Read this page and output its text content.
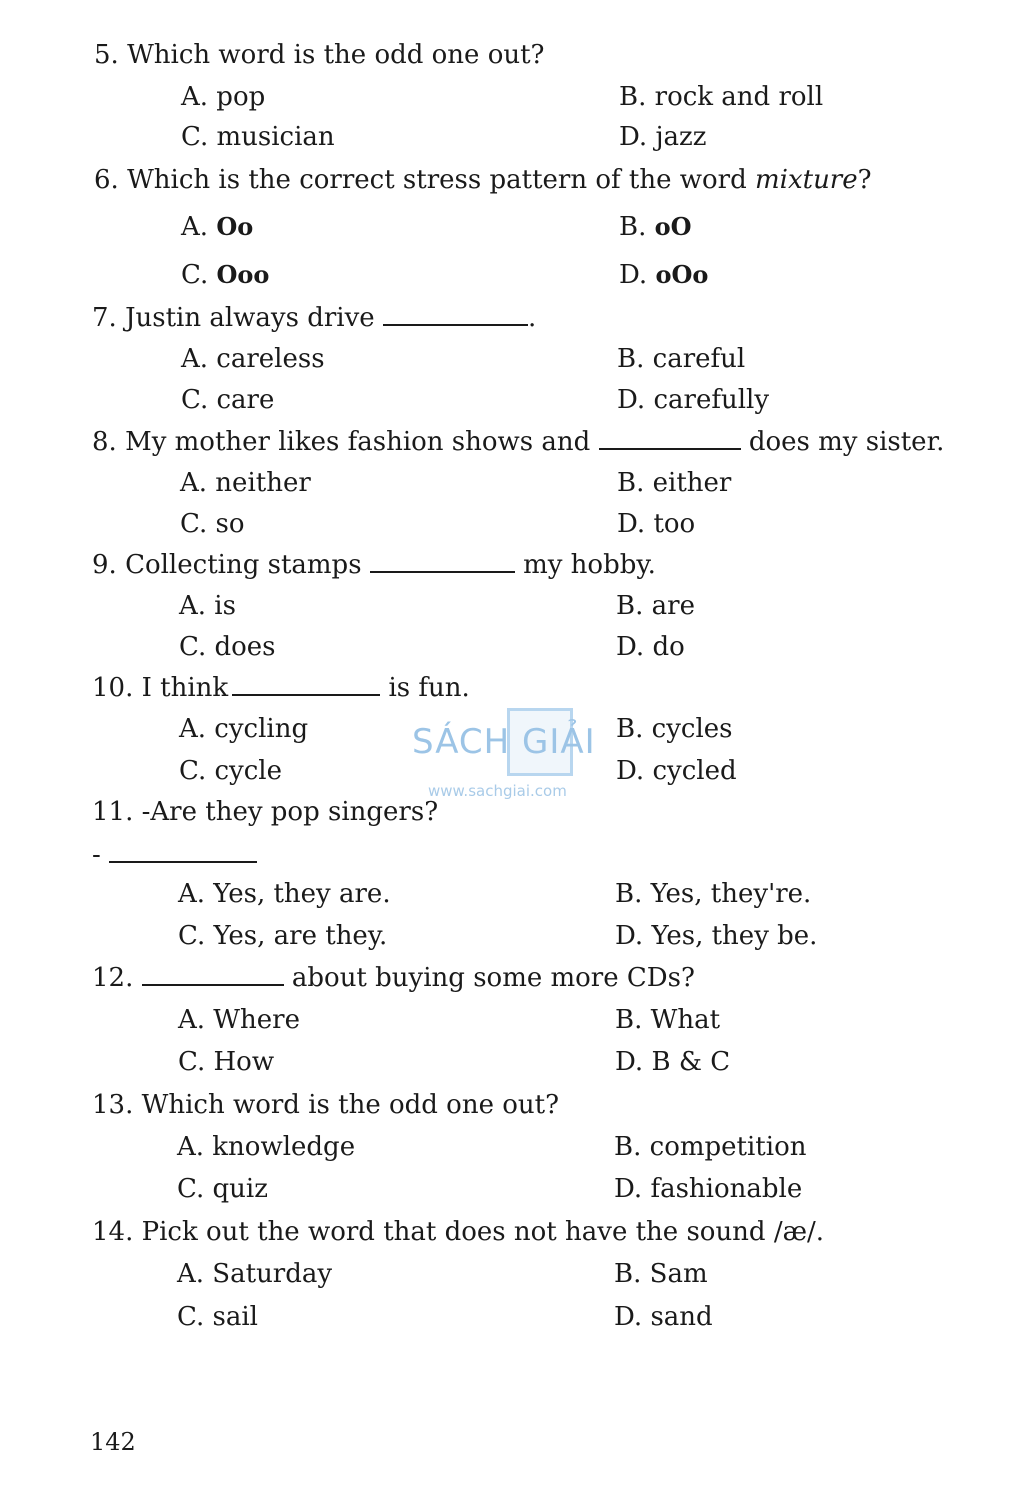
5. Which word is the odd one out?
A. pop	B. rock and roll
C. musician	D. jazz
6. Which is the correct stress pattern of the word mixture?
A. Oo	B. oO
C. Ooo	D. oOo
7. Justin always drive	.
A. careless	B. careful
C. care	D. carefully
8. My mother likes fashion shows and	does my sister.
A. neither	B. either
C. so	D. too
9. Collecting stamps	my hobby.
A. is	B. are
C. does	D. do
10. I think	is fun.
A. cycling	B. cycles
C. cycle	D. cycled
11. -Are they pop singers?
-
A. Yes, they are.	B. Yes, they're.
C. Yes, are they.	D. Yes, they be.
12.	about buying some more CDs?
A. Where	B. What
C. How	D. B & C
13. Which word is the odd one out?
A. knowledge	B. competition
C. quiz	D. fashionable
14. Pick out the word that does not have the sound /æ/.
A. Saturday	B. Sam
C. sail	D. sand
SÁCH GIẢI
www.sachgiai.com
142
